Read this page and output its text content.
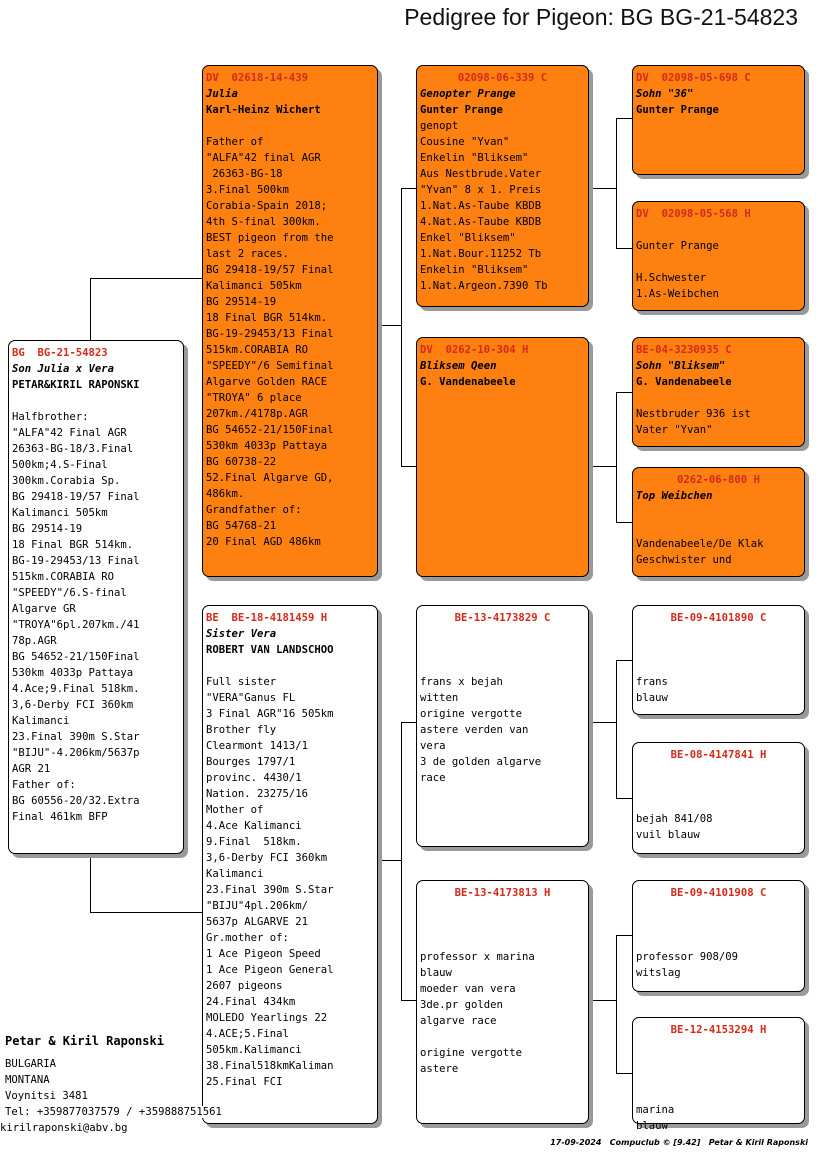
Pedigree for Pigeon: BG BG-21-54823
BG  BG-21-54823
Son Julia x Vera
PETAR&KIRIL RAPONSKI

Halfbrother:
"ALFA"42 Final AGR
26363-BG-18/3.Final
500km;4.S-Final
300km.Corabia Sp.
BG 29418-19/57 Final
Kalimanci 505km
BG 29514-19
18 Final BGR 514km.
BG-19-29453/13 Final
515km.CORABIA RO
"SPEEDY"/6.S-final
Algarve GR
"TROYA"6pl.207km./41
78p.AGR
BG 54652-21/150Final
530km 4033p Pattaya
4.Ace;9.Final 518km.
3,6-Derby FCI 360km
Kalimanci
23.Final 390m S.Star
"BIJU"-4.206km/5637p
AGR 21
Father of:
BG 60556-20/32.Extra
Final 461km BFP
DV  02618-14-439
Julia
Karl-Heinz Wichert

Father of
"ALFA"42 final AGR
26363-BG-18
3.Final 500km
Corabia-Spain 2018;
4th S-final 300km.
BEST pigeon from the
last 2 races.
BG 29418-19/57 Final
Kalimanci 505km
BG 29514-19
18 Final BGR 514km.
BG-19-29453/13 Final
515km.CORABIA RO
"SPEEDY"/6 Semifinal
Algarve Golden RACE
"TROYA" 6 place
207km./4178p.AGR
BG 54652-21/150Final
530km 4033p Pattaya
BG 60738-22
52.Final Algarve GD,
486km.
Grandfather of:
BG 54768-21
20 Final AGD 486km
BE  BE-18-4181459 H
Sister Vera
ROBERT VAN LANDSCHOO

Full sister
"VERA"Ganus FL
3 Final AGR"16 505km
Brother fly
Clearmont 1413/1
Bourges 1797/1
provinc. 4430/1
Nation. 23275/16
Mother of
4.Ace Kalimanci
9.Final  518km.
3,6-Derby FCI 360km
Kalimanci
23.Final 390m S.Star
"BIJU"4pl.206km/
5637p ALGARVE 21
Gr.mother of:
1 Ace Pigeon Speed
1 Ace Pigeon General
2607 pigeons
24.Final 434km
MOLEDO Yearlings 22
4.ACE;5.Final
505km.Kalimanci
38.Final518kmKaliman
25.Final FCI
02098-06-339 C
Genopter Prange
Gunter Prange
genopt
Cousine "Yvan"
Enkelin "Bliksem"
Aus Nestbrude.Vater
"Yvan" 8 x 1. Preis
1.Nat.As-Taube KBDB
4.Nat.As-Taube KBDB
Enkel "Bliksem"
1.Nat.Bour.11252 Tb
Enkelin "Bliksem"
1.Nat.Argeon.7390 Tb
DV  0262-10-304 H
Bliksem Qeen
G. Vandenabeele
BE-13-4173829 C

frans x bejah
witten
origine vergotte
astere verden van
vera
3 de golden algarve
race
BE-13-4173813 H

professor x marina
blauw
moeder van vera
3de.pr golden
algarve race

origine vergotte
astere
DV  02098-05-698 C
Sohn "36"
Gunter Prange
DV  02098-05-568 H

Gunter Prange

H.Schwester
1.As-Weibchen
BE-04-3230935 C
Sohn "Bliksem"
G. Vandenabeele

Nestbruder 936 ist
Vater "Yvan"
0262-06-800 H
Top Weibchen

Vandenabeele/De Klak
Geschwister und
BE-09-4101890 C

frans
blauw
BE-08-4147841 H

bejah 841/08
vuil blauw
BE-09-4101908 C

professor 908/09
witslag
BE-12-4153294 H

marina
blauw
Petar & Kiril Raponski
BULGARIA
MONTANA
Voynitsi 3481
Tel: +359877037579 / +359888751561
kirilraponski@abv.bg
17-09-2024   Compuclub © [9.42]   Petar & Kiril Raponski
